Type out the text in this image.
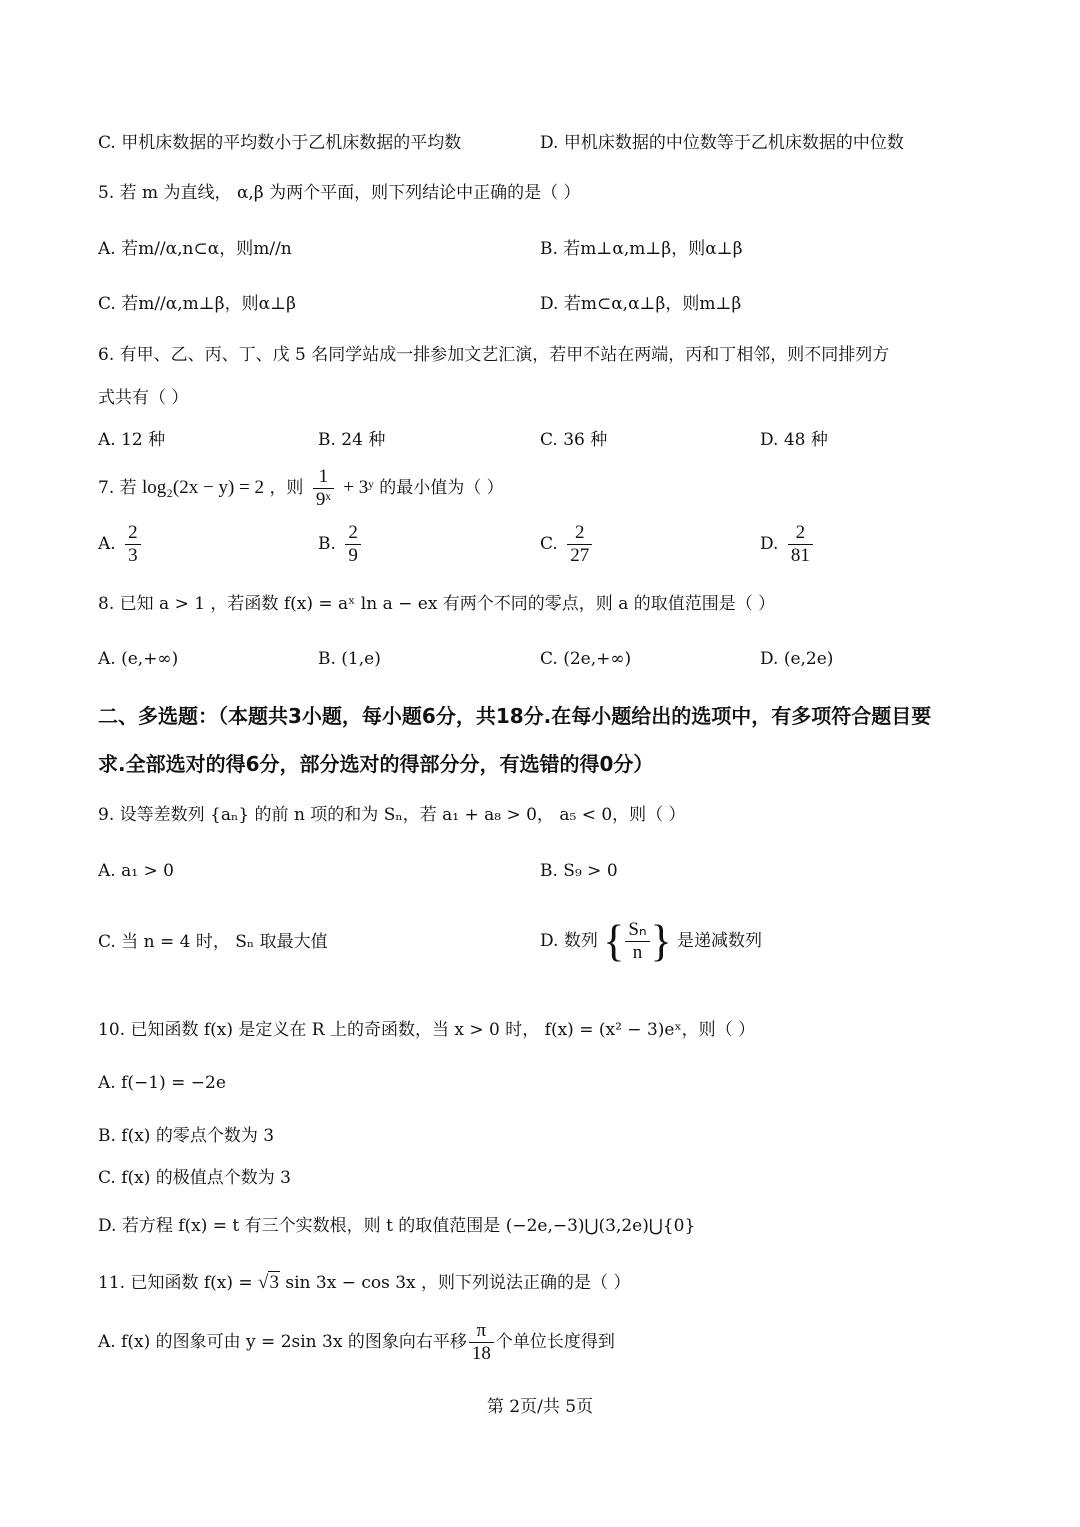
C. 甲机床数据的平均数小于乙机床数据的平均数	D. 甲机床数据的中位数等于乙机床数据的中位数
5. 若 m 为直线， α,β 为两个平面，则下列结论中正确的是（ ）
A. 若m//α,n⊂α，则m//n	B. 若m⊥α,m⊥β，则α⊥β
C. 若m//α,m⊥β，则α⊥β	D. 若m⊂α,α⊥β，则m⊥β
6. 有甲、乙、丙、丁、戊 5 名同学站成一排参加文艺汇演，若甲不站在两端，丙和丁相邻，则不同排列方
式共有（ ）
A. 12 种	B. 24 种	C. 36 种	D. 48 种
7. 若 log₂(2x − y) = 2 ，则 $\frac{1}{\text{9ˣ}}$ + 3ʸ 的最小值为（ ）
A. $\frac{2}{3}$	B. $\frac{2}{9}$	C. $\frac{2}{27}$	D. $\frac{2}{81}$
8. 已知 a > 1 ，若函数 f(x) = aˣ ln a − ex 有两个不同的零点，则 a 的取值范围是（ ）
A. (e,+∞)	B. (1,e)	C. (2e,+∞)	D. (e,2e)
二、多选题：（本题共3小题，每小题6分，共18分.在每小题给出的选项中，有多项符合题目要
求.全部选对的得6分，部分选对的得部分分，有选错的得0分）
9. 设等差数列 {aₙ} 的前 n 项的和为 Sₙ，若 a₁ + a₈ > 0， a₅ < 0，则（ ）
A. a₁ > 0	B. S₉ > 0
C. 当 n = 4 时， Sₙ 取最大值	D. 数列 { $\frac{\text{Sₙ}}{n}$ } 是递减数列
10. 已知函数 f(x) 是定义在 R 上的奇函数，当 x > 0 时， f(x) = (x² − 3)eˣ，则（ ）
A. f(−1) = −2e
B. f(x) 的零点个数为 3
C. f(x) 的极值点个数为 3
D. 若方程 f(x) = t 有三个实数根，则 t 的取值范围是 (−2e,−3)⋃(3,2e)⋃{0}
11. 已知函数 f(x) = √3 sin 3x − cos 3x ，则下列说法正确的是（ ）
A. f(x) 的图象可由 y = 2sin 3x 的图象向右平移 $\frac{\pi}{18}$ 个单位长度得到
第 2页/共 5页
